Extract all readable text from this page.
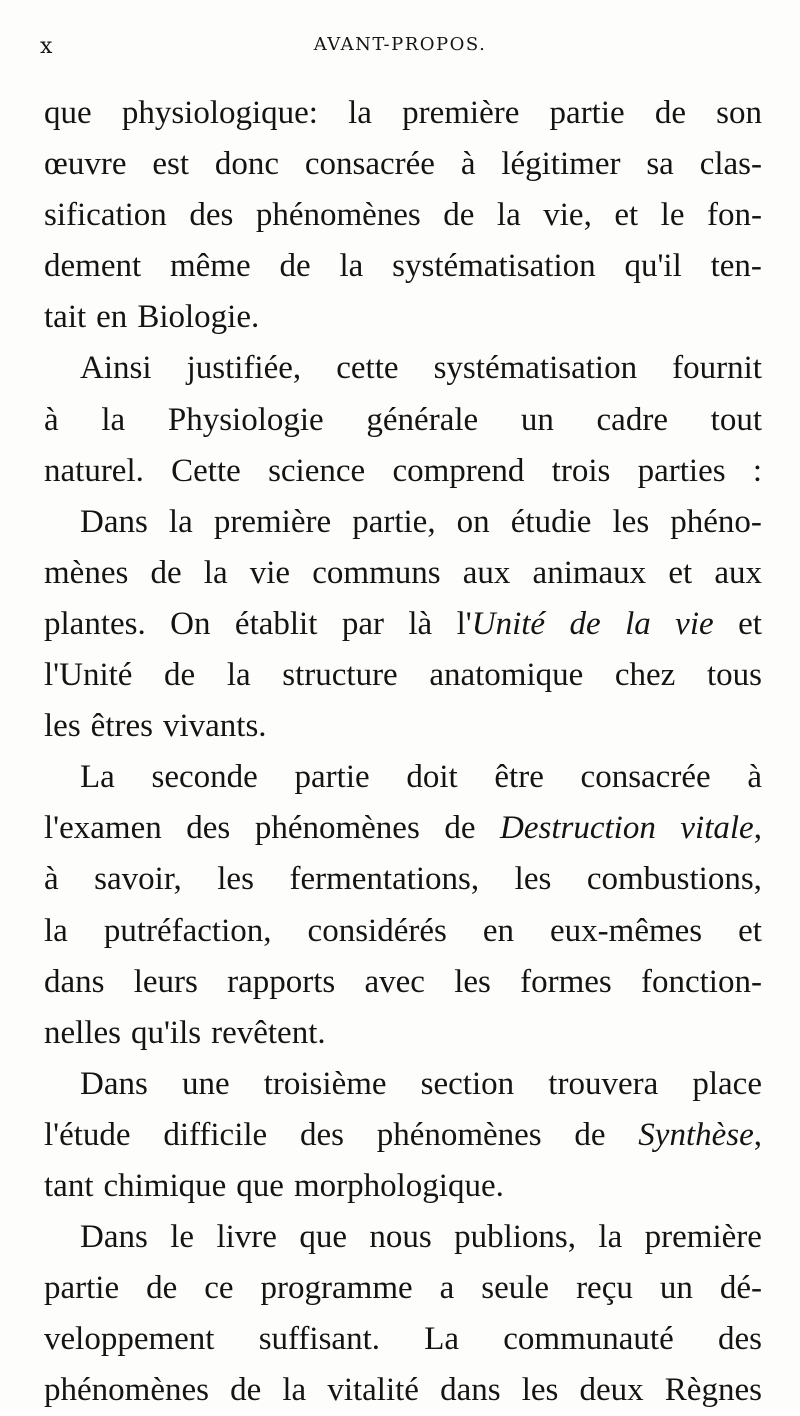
x	AVANT-PROPOS.
que physiologique: la première partie de son
œuvre est donc consacrée à légitimer sa clas-
sification des phénomènes de la vie, et le fon-
dement même de la systématisation qu'il ten-
tait en Biologie.
Ainsi justifiée, cette systématisation fournit
à la Physiologie générale un cadre tout
naturel. Cette science comprend trois parties :
Dans la première partie, on étudie les phéno-
mènes de la vie communs aux animaux et aux
plantes. On établit par là l'Unité de la vie et
l'Unité de la structure anatomique chez tous
les êtres vivants.
La seconde partie doit être consacrée à
l'examen des phénomènes de Destruction vitale,
à savoir, les fermentations, les combustions,
la putréfaction, considérés en eux-mêmes et
dans leurs rapports avec les formes fonction-
nelles qu'ils revêtent.
Dans une troisième section trouvera place
l'étude difficile des phénomènes de Synthèse,
tant chimique que morphologique.
Dans le livre que nous publions, la première
partie de ce programme a seule reçu un dé-
veloppement suffisant. La communauté des
phénomènes de la vitalité dans les deux Règnes
